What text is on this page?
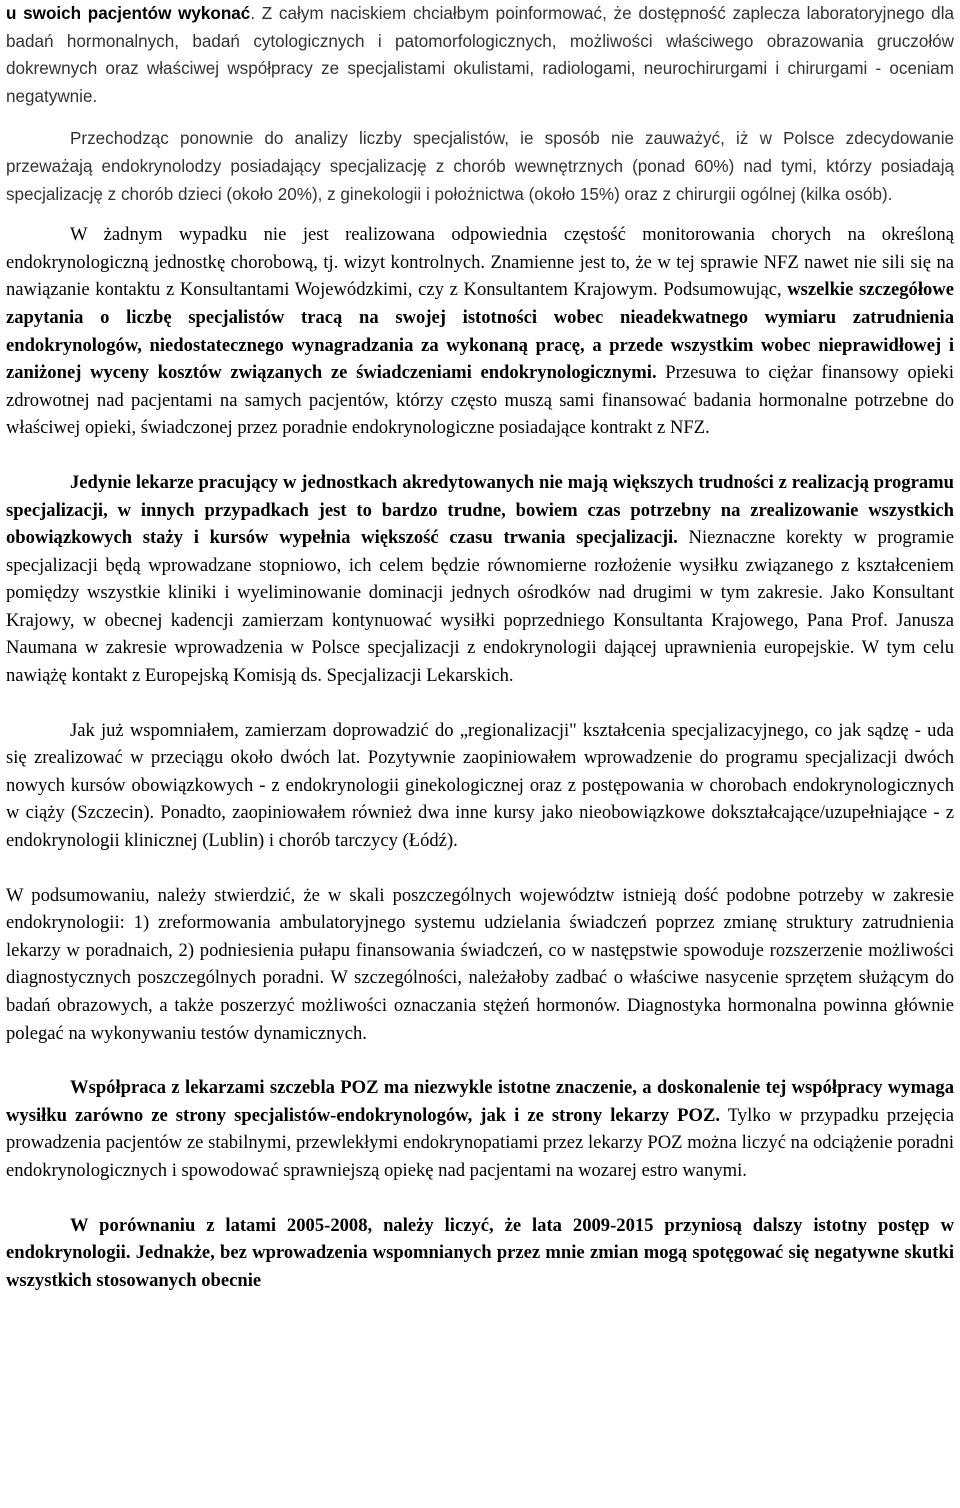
u swoich pacjentów wykonać. Z całym naciskiem chciałbym poinformować, że dostępność zaplecza laboratoryjnego dla badań hormonalnych, badań cytologicznych i patomorfologicznych, możliwości właściwego obrazowania gruczołów dokrewnych oraz właściwej współpracy ze specjalistami okulistami, radiologami, neurochirurgami i chirurgami - oceniam negatywnie.

Przechodząc ponownie do analizy liczby specjalistów, ie sposób nie zauważyć, iż w Polsce zdecydowanie przeważają endokrynolodzy posiadający specjalizację z chorób wewnętrznych (ponad 60%) nad tymi, którzy posiadają specjalizację z chorób dzieci (około 20%), z ginekologii i położnictwa (około 15%) oraz z chirurgii ogólnej (kilka osób).

W żadnym wypadku nie jest realizowana odpowiednia częstość monitorowania chorych na określoną endokrynologiczną jednostkę chorobową, tj. wizyt kontrolnych. Znamienne jest to, że w tej sprawie NFZ nawet nie sili się na nawiązanie kontaktu z Konsultantami Wojewódzkimi, czy z Konsultantem Krajowym. Podsumowując, wszelkie szczegółowe zapytania o liczbę specjalistów tracą na swojej istotności wobec nieadekwatnego wymiaru zatrudnienia endokrynologów, niedostatecznego wynagradzania za wykonaną pracę, a przede wszystkim wobec nieprawidłowej i zaniżonej wyceny kosztów związanych ze świadczeniami endokrynologicznymi. Przesuwa to ciężar finansowy opieki zdrowotnej nad pacjentami na samych pacjentów, którzy często muszą sami finansować badania hormonalne potrzebne do właściwej opieki, świadczonej przez poradnie endokrynologiczne posiadające kontrakt z NFZ.

Jedynie lekarze pracujący w jednostkach akredytowanych nie mają większych trudności z realizacją programu specjalizacji, w innych przypadkach jest to bardzo trudne, bowiem czas potrzebny na zrealizowanie wszystkich obowiązkowych staży i kursów wypełnia większość czasu trwania specjalizacji. Nieznaczne korekty w programie specjalizacji będą wprowadzane stopniowo, ich celem będzie równomierne rozłożenie wysiłku związanego z kształceniem pomiędzy wszystkie kliniki i wyeliminowanie dominacji jednych ośrodków nad drugimi w tym zakresie. Jako Konsultant Krajowy, w obecnej kadencji zamierzam kontynuować wysiłki poprzedniego Konsultanta Krajowego, Pana Prof. Janusza Naumana w zakresie wprowadzenia w Polsce specjalizacji z endokrynologii dającej uprawnienia europejskie. W tym celu nawiążę kontakt z Europejską Komisją ds. Specjalizacji Lekarskich.

Jak już wspomniałem, zamierzam doprowadzić do „regionalizacji" kształcenia specjalizacyjnego, co jak sądzę - uda się zrealizować w przeciągu około dwóch lat. Pozytywnie zaopiniowałem wprowadzenie do programu specjalizacji dwóch nowych kursów obowiązkowych - z endokrynologii ginekologicznej oraz z postępowania w chorobach endokrynologicznych w ciąży (Szczecin). Ponadto, zaopiniowałem również dwa inne kursy jako nieobowiązkowe dokształcające/uzupełniające - z endokrynologii klinicznej (Lublin) i chorób tarczycy (Łódź).

W podsumowaniu, należy stwierdzić, że w skali poszczególnych województw istnieją dość podobne potrzeby w zakresie endokrynologii: 1) zreformowania ambulatoryjnego systemu udzielania świadczeń poprzez zmianę struktury zatrudnienia lekarzy w poradnaich, 2) podniesienia pułapu finansowania świadczeń, co w następstwie spowoduje rozszerzenie możliwości diagnostycznych poszczególnych poradni. W szczególności, należałoby zadbać o właściwe nasycenie sprzętem służącym do badań obrazowych, a także poszerzyć możliwości oznaczania stężeń hormonów. Diagnostyka hormonalna powinna głównie polegać na wykonywaniu testów dynamicznych.

Współpraca z lekarzami szczebla POZ ma niezwykle istotne znaczenie, a doskonalenie tej współpracy wymaga wysiłku zarówno ze strony specjalistów-endokrynologów, jak i ze strony lekarzy POZ. Tylko w przypadku przejęcia prowadzenia pacjentów ze stabilnymi, przewlekłymi endokrynopatiami przez lekarzy POZ można liczyć na odciążenie poradni endokrynologicznych i spowodować sprawniejszą opiekę nad pacjentami na wozarej estro wanymi.

W porównaniu z latami 2005-2008, należy liczyć, że lata 2009-2015 przyniosą dalszy istotny postęp w endokrynologii. Jednakże, bez wprowadzenia wspomnianych przez mnie zmian mogą spotęgować się negatywne skutki wszystkich stosowanych obecnie
